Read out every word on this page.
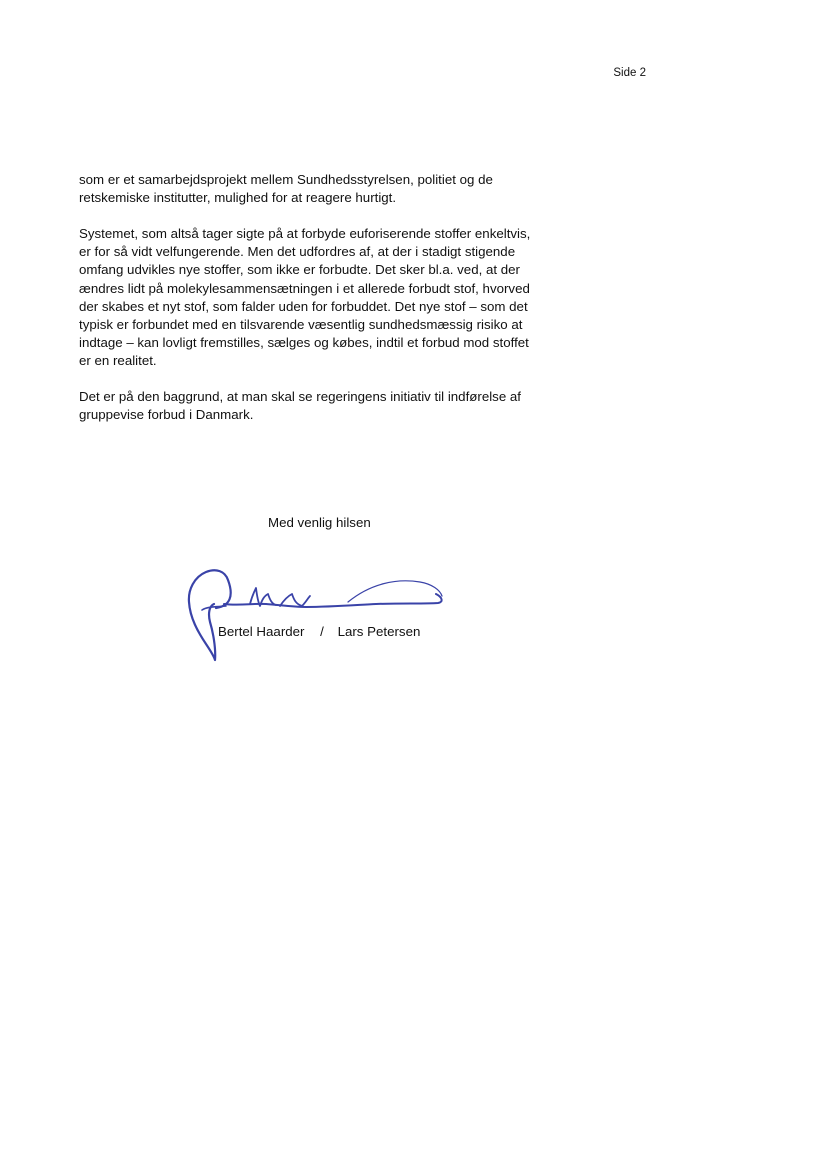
Side 2
som er et samarbejdsprojekt mellem Sundhedsstyrelsen, politiet og de
retskemiske institutter, mulighed for at reagere hurtigt.
Systemet, som altså tager sigte på at forbyde euforiserende stoffer enkeltvis,
er for så vidt velfungerende. Men det udfordres af, at der i stadigt stigende
omfang udvikles nye stoffer, som ikke er forbudte. Det sker bl.a. ved, at der
ændres lidt på molekylesammensætningen i et allerede forbudt stof, hvorved
der skabes et nyt stof, som falder uden for forbuddet. Det nye stof – som det
typisk er forbundet med en tilsvarende væsentlig sundhedsmæssig risiko at
indtage – kan lovligt fremstilles, sælges og købes, indtil et forbud mod stoffet
er en realitet.
Det er på den baggrund, at man skal se regeringens initiativ til indførelse af
gruppevise forbud i Danmark.
Med venlig hilsen
Bertel Haarder / Lars Petersen
